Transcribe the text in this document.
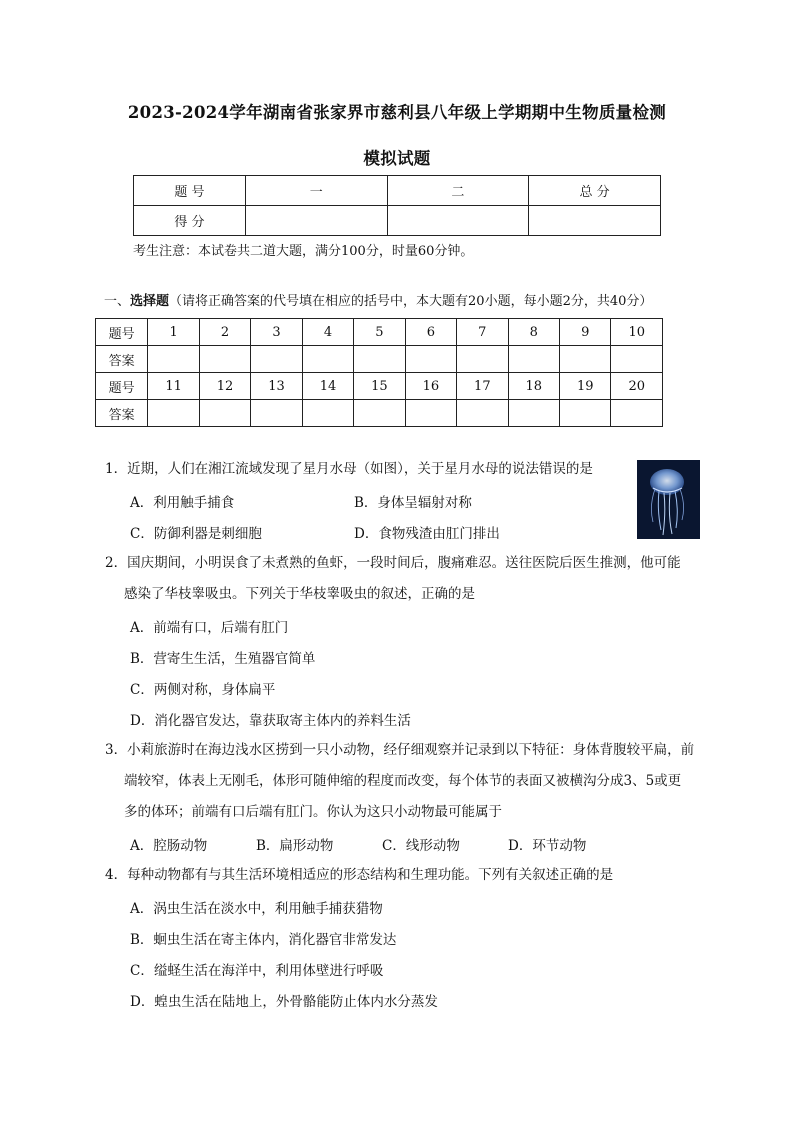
2023-2024学年湖南省张家界市慈利县八年级上学期期中生物质量检测
模拟试题
题 号	一	二	总 分
得 分			
考生注意：本试卷共二道大题，满分100分，时量60分钟。
一、选择题（请将正确答案的代号填在相应的括号中，本大题有20小题，每小题2分，共40分）
题号	1	2	3	4	5	6	7	8	9	10
答案										
题号	11	12	13	14	15	16	17	18	19	20
答案										
1．近期，人们在湘江流域发现了星月水母（如图），关于星月水母的说法错误的是
A．利用触手捕食	B．身体呈辐射对称
C．防御利器是刺细胞	D．食物残渣由肛门排出
2．国庆期间，小明误食了未煮熟的鱼虾，一段时间后，腹痛难忍。送往医院后医生推测，他可能
感染了华枝睾吸虫。下列关于华枝睾吸虫的叙述，正确的是
A．前端有口，后端有肛门
B．营寄生生活，生殖器官简单
C．两侧对称，身体扁平
D．消化器官发达，靠获取寄主体内的养料生活
3．小莉旅游时在海边浅水区捞到一只小动物，经仔细观察并记录到以下特征：身体背腹较平扁，前
端较窄，体表上无刚毛，体形可随伸缩的程度而改变，每个体节的表面又被横沟分成3、5或更
多的体环；前端有口后端有肛门。你认为这只小动物最可能属于
A．腔肠动物	B．扁形动物	C．线形动物	D．环节动物
4．每种动物都有与其生活环境相适应的形态结构和生理功能。下列有关叙述正确的是
A．涡虫生活在淡水中，利用触手捕获猎物
B．蛔虫生活在寄主体内，消化器官非常发达
C．缢蛏生活在海洋中，利用体壁进行呼吸
D．蝗虫生活在陆地上，外骨骼能防止体内水分蒸发
